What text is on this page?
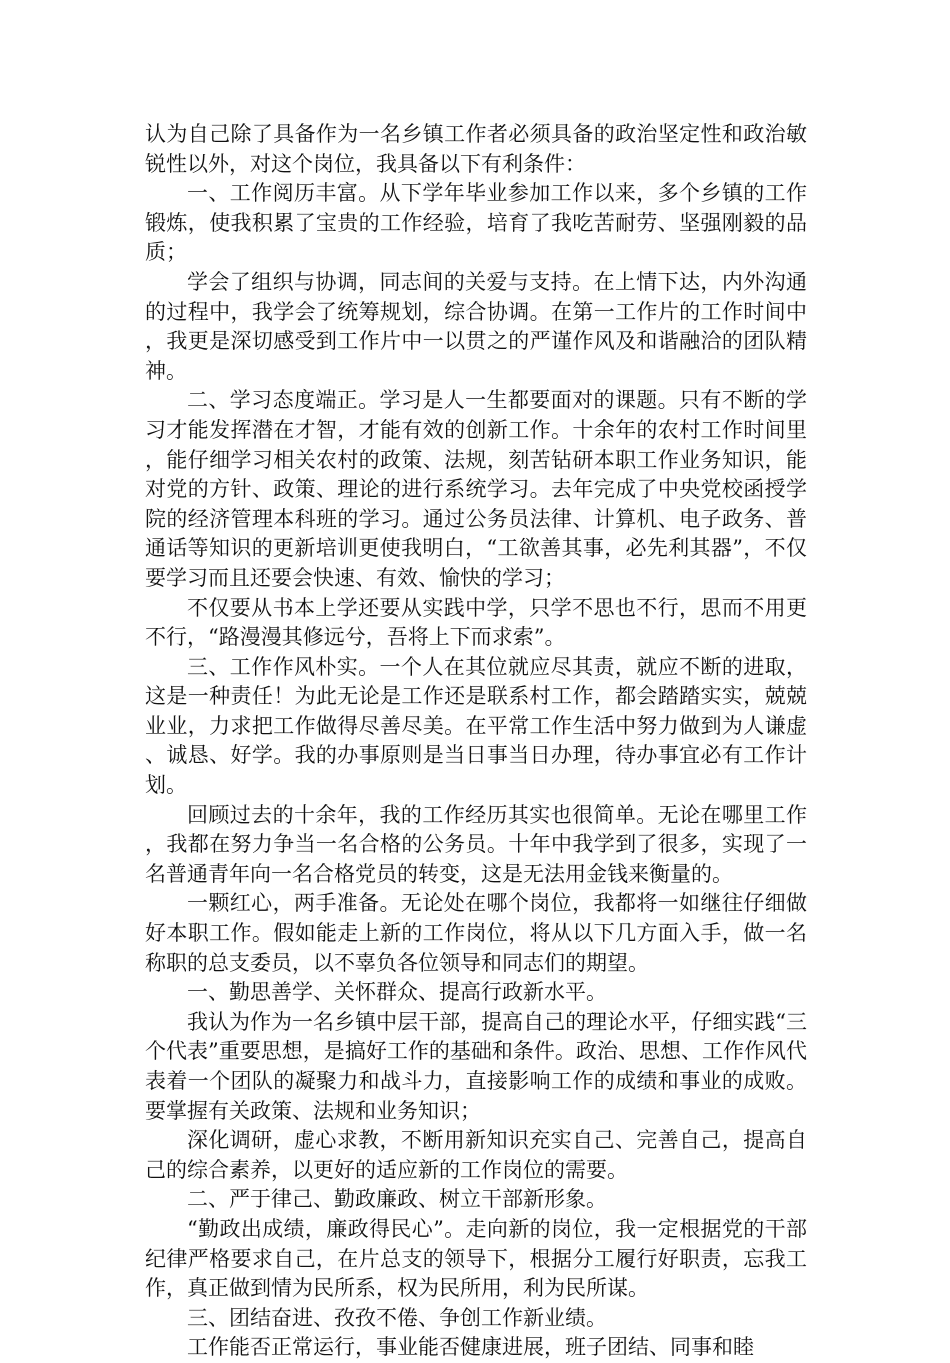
认为自己除了具备作为一名乡镇工作者必须具备的政治坚定性和政治敏锐性以外，对这个岗位，我具备以下有利条件：

一、工作阅历丰富。从下学年毕业参加工作以来，多个乡镇的工作锻炼，使我积累了宝贵的工作经验，培育了我吃苦耐劳、坚强刚毅的品质；

学会了组织与协调，同志间的关爱与支持。在上情下达，内外沟通的过程中，我学会了统筹规划，综合协调。在第一工作片的工作时间中，我更是深切感受到工作片中一以贯之的严谨作风及和谐融洽的团队精神。

二、学习态度端正。学习是人一生都要面对的课题。只有不断的学习才能发挥潜在才智，才能有效的创新工作。十余年的农村工作时间里，能仔细学习相关农村的政策、法规，刻苦钻研本职工作业务知识，能对党的方针、政策、理论的进行系统学习。去年完成了中央党校函授学院的经济管理本科班的学习。通过公务员法律、计算机、电子政务、普通话等知识的更新培训更使我明白，“工欲善其事，必先利其器”，不仅要学习而且还要会快速、有效、愉快的学习；

不仅要从书本上学还要从实践中学，只学不思也不行，思而不用更不行，“路漫漫其修远兮，吾将上下而求索”。

三、工作作风朴实。一个人在其位就应尽其责，就应不断的进取，这是一种责任！为此无论是工作还是联系村工作，都会踏踏实实，兢兢业业，力求把工作做得尽善尽美。在平常工作生活中努力做到为人谦虚、诚恳、好学。我的办事原则是当日事当日办理，待办事宜必有工作计划。

回顾过去的十余年，我的工作经历其实也很简单。无论在哪里工作，我都在努力争当一名合格的公务员。十年中我学到了很多，实现了一名普通青年向一名合格党员的转变，这是无法用金钱来衡量的。

一颗红心，两手准备。无论处在哪个岗位，我都将一如继往仔细做好本职工作。假如能走上新的工作岗位，将从以下几方面入手，做一名称职的总支委员，以不辜负各位领导和同志们的期望。

一、勤思善学、关怀群众、提高行政新水平。

我认为作为一名乡镇中层干部，提高自己的理论水平，仔细实践“三个代表”重要思想，是搞好工作的基础和条件。政治、思想、工作作风代表着一个团队的凝聚力和战斗力，直接影响工作的成绩和事业的成败。要掌握有关政策、法规和业务知识；

深化调研，虚心求教，不断用新知识充实自己、完善自己，提高自己的综合素养，以更好的适应新的工作岗位的需要。

二、严于律己、勤政廉政、树立干部新形象。

“勤政出成绩，廉政得民心”。走向新的岗位，我一定根据党的干部纪律严格要求自己，在片总支的领导下，根据分工履行好职责，忘我工作，真正做到情为民所系，权为民所用，利为民所谋。

三、团结奋进、孜孜不倦、争创工作新业绩。

工作能否正常运行，事业能否健康进展，班子团结、同事和睦
